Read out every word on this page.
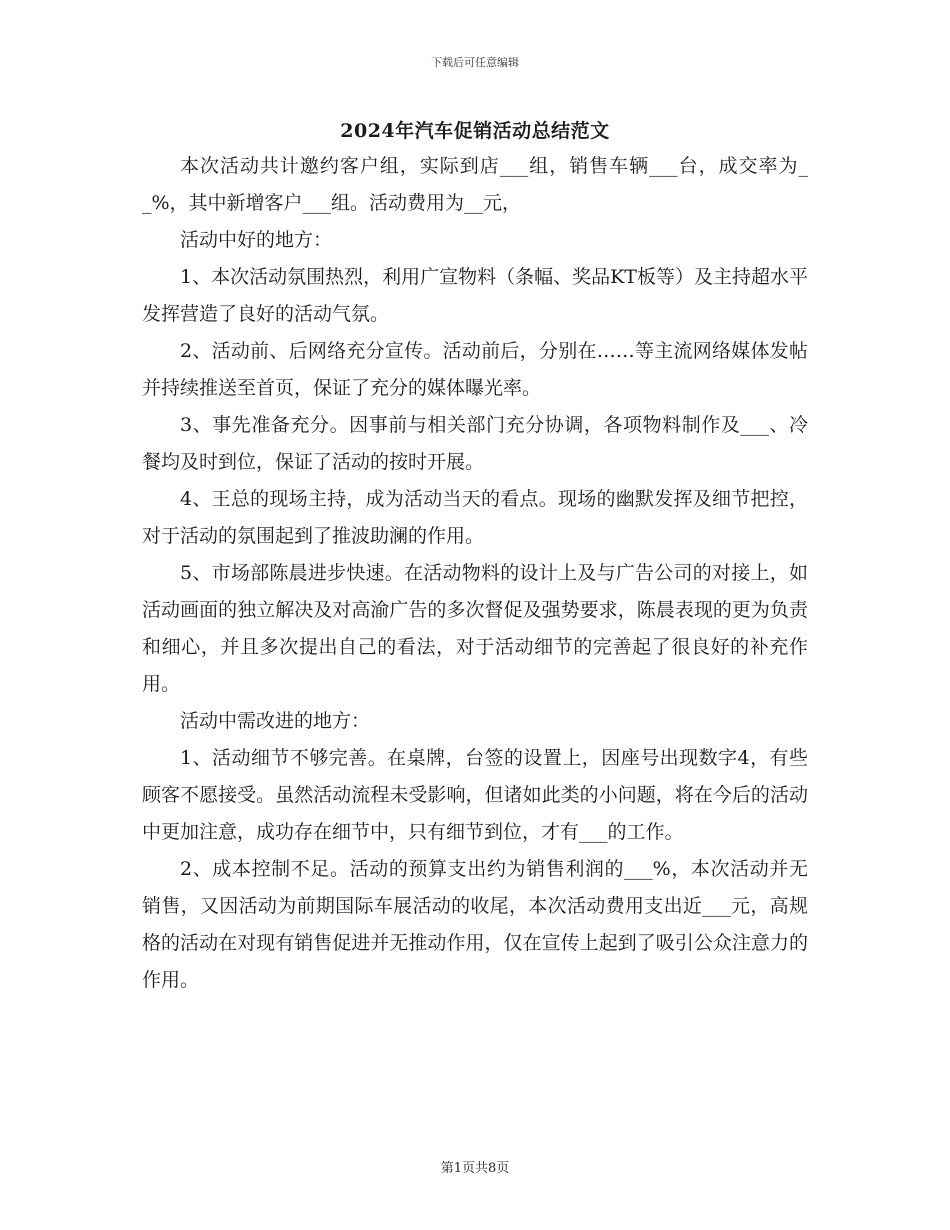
下载后可任意编辑
2024年汽车促销活动总结范文

本次活动共计邀约客户组，实际到店___组，销售车辆___台，成交率为__%，其中新增客户___组。活动费用为__元，

活动中好的地方：

1、本次活动氛围热烈，利用广宣物料（条幅、奖品KT板等）及主持超水平发挥营造了良好的活动气氛。

2、活动前、后网络充分宣传。活动前后，分别在……等主流网络媒体发帖并持续推送至首页，保证了充分的媒体曝光率。

3、事先准备充分。因事前与相关部门充分协调，各项物料制作及___、冷餐均及时到位，保证了活动的按时开展。

4、王总的现场主持，成为活动当天的看点。现场的幽默发挥及细节把控，对于活动的氛围起到了推波助澜的作用。

5、市场部陈晨进步快速。在活动物料的设计上及与广告公司的对接上，如活动画面的独立解决及对高渝广告的多次督促及强势要求，陈晨表现的更为负责和细心，并且多次提出自己的看法，对于活动细节的完善起了很良好的补充作用。

活动中需改进的地方：

1、活动细节不够完善。在桌牌，台签的设置上，因座号出现数字4，有些顾客不愿接受。虽然活动流程未受影响，但诸如此类的小问题，将在今后的活动中更加注意，成功存在细节中，只有细节到位，才有___的工作。

2、成本控制不足。活动的预算支出约为销售利润的___%，本次活动并无销售，又因活动为前期国际车展活动的收尾，本次活动费用支出近___元，高规格的活动在对现有销售促进并无推动作用，仅在宣传上起到了吸引公众注意力的作用。

第1页共8页
